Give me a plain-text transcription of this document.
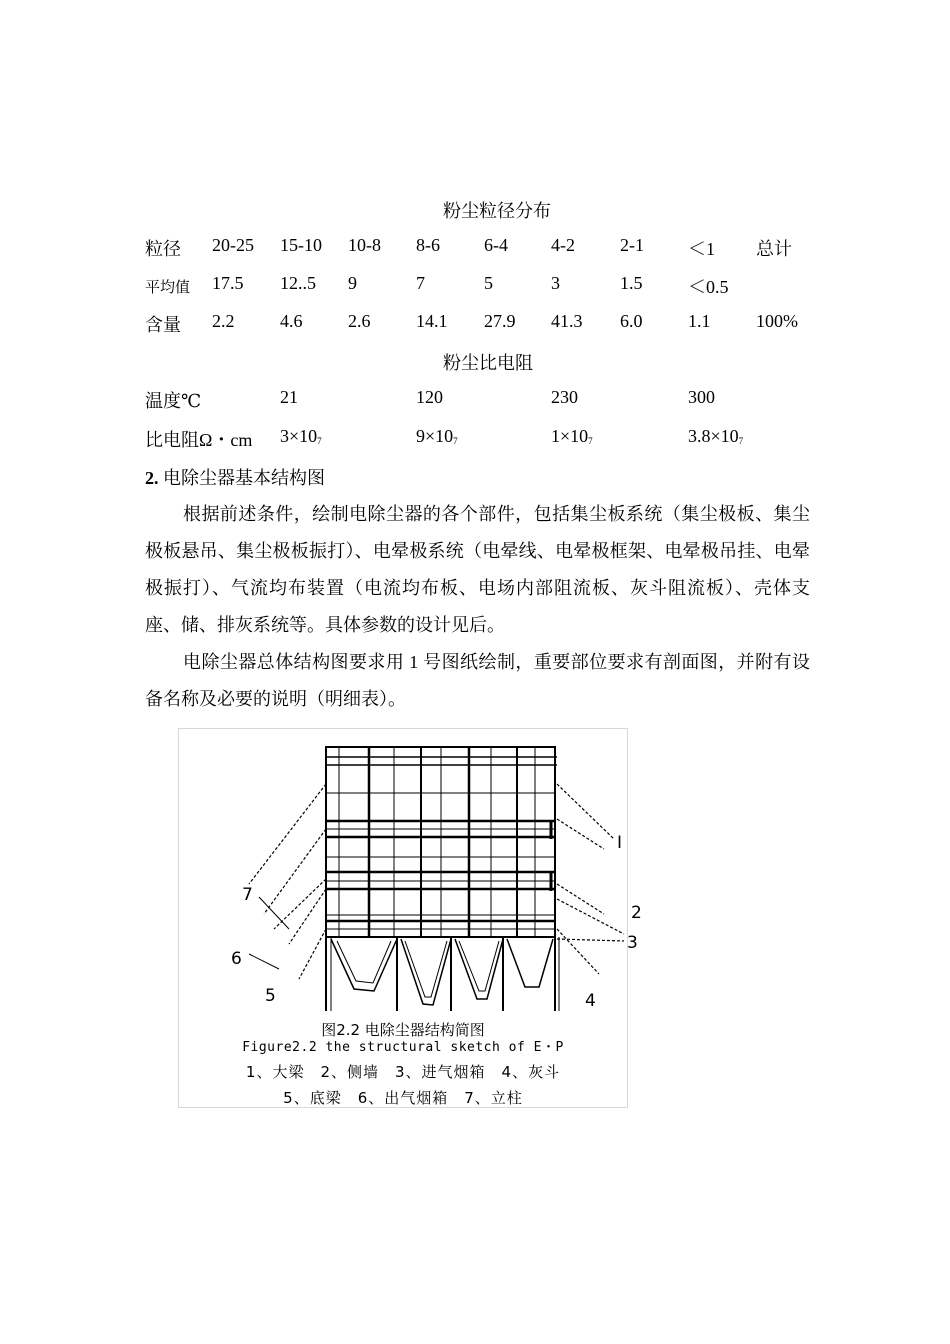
粉尘粒径分布
粒径 20-25 15-10 10-8 8-6 6-4 4-2	2-1 ＜1 总计
平均值 17.5 12..5 9	7	5	3	1.5	＜0.5
含量 2.2	4.6	2.6	14.1 27.9 41.3 6.0	1.1	100%
粉尘比电阻
温度℃	21	120	230	300
比电阻Ω・cm $3\times 10_7$	$9\times 10_7$	$1\times 10_7$	$3.8\times 10_7$
2. 电除尘器基本结构图
根据前述条件，绘制电除尘器的各个部件，包括集尘板系统（集尘极板、集尘极板悬吊、集尘极板振打）、电晕极系统（电晕线、电晕极框架、电晕极吊挂、电晕极振打）、气流均布装置（电流均布板、电场内部阻流板、灰斗阻流板）、壳体支座、储、排灰系统等。具体参数的设计见后。
电除尘器总体结构图要求用 1 号图纸绘制，重要部位要求有剖面图，并附有设备名称及必要的说明（明细表）。
I
2
3
4
5
6
7
图2.2 电除尘器结构简图
Figure2.2 the structural sketch of E・P
1、大梁　2、侧墙　3、进气烟箱　4、灰斗
5、底梁　6、出气烟箱　7、立柱
